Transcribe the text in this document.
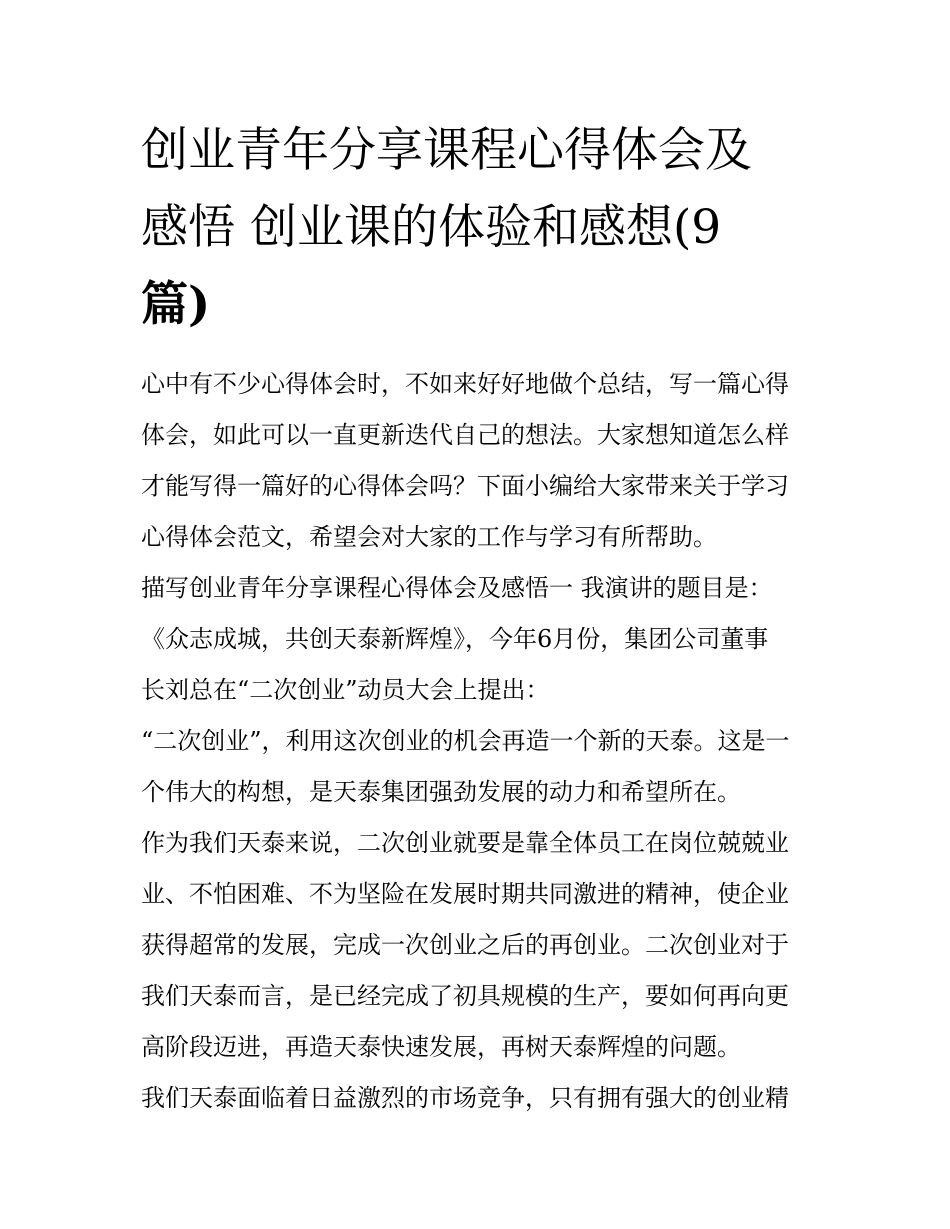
创业青年分享课程心得体会及
感悟 创业课的体验和感想(9
篇)

心中有不少心得体会时，不如来好好地做个总结，写一篇心得
体会，如此可以一直更新迭代自己的想法。大家想知道怎么样
才能写得一篇好的心得体会吗？下面小编给大家带来关于学习
心得体会范文，希望会对大家的工作与学习有所帮助。

描写创业青年分享课程心得体会及感悟一 我演讲的题目是：
《众志成城，共创天泰新辉煌》，今年6月份，集团公司董事
长刘总在“二次创业”动员大会上提出：

“二次创业”，利用这次创业的机会再造一个新的天泰。这是一
个伟大的构想，是天泰集团强劲发展的动力和希望所在。

作为我们天泰来说，二次创业就要是靠全体员工在岗位兢兢业
业、不怕困难、不为坚险在发展时期共同激进的精神，使企业
获得超常的发展，完成一次创业之后的再创业。二次创业对于
我们天泰而言，是已经完成了初具规模的生产，要如何再向更
高阶段迈进，再造天泰快速发展，再树天泰辉煌的问题。

我们天泰面临着日益激烈的市场竞争，只有拥有强大的创业精
